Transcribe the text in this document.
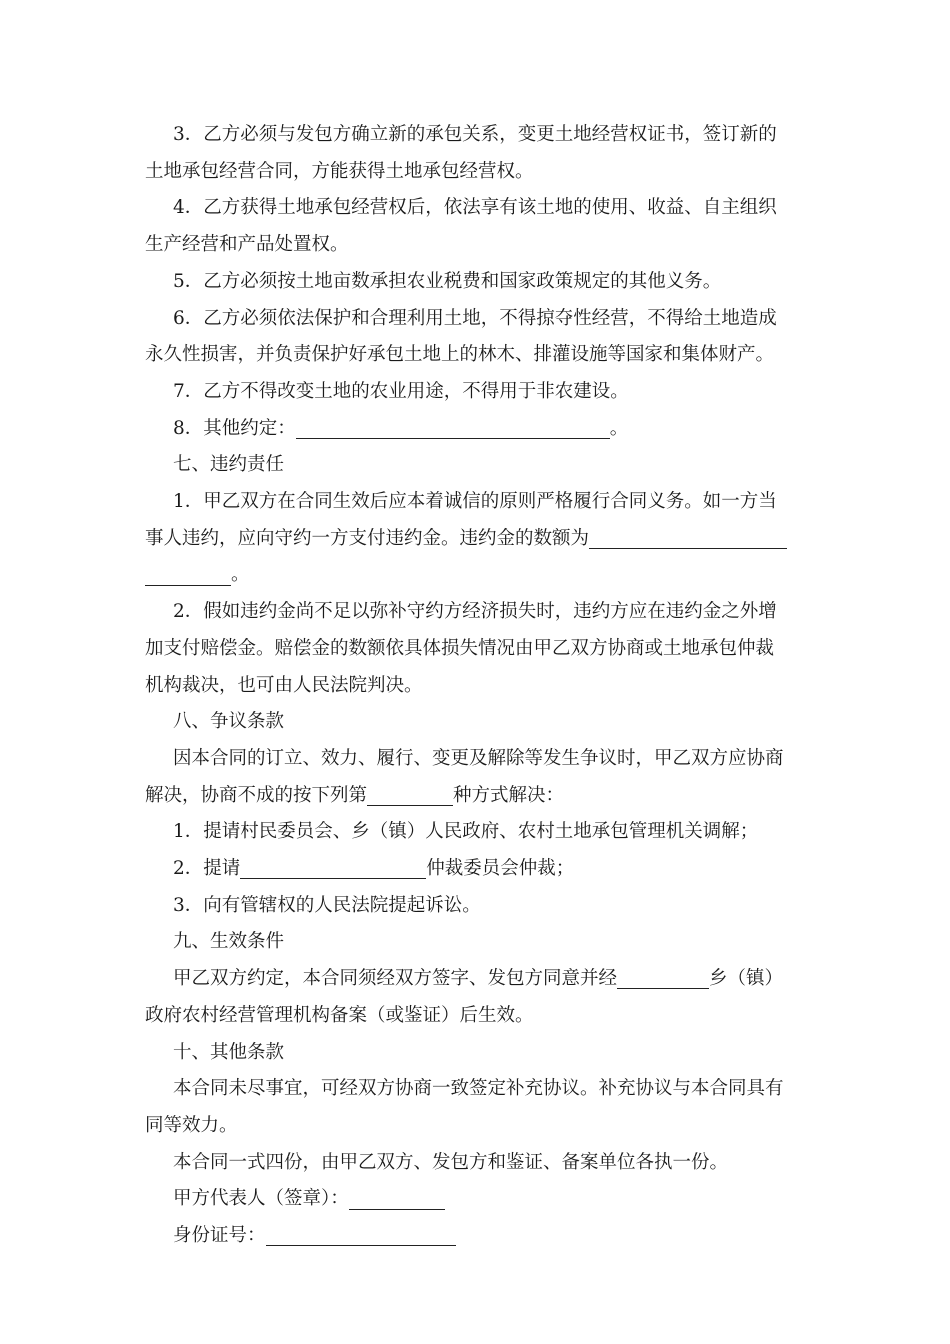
3．乙方必须与发包方确立新的承包关系，变更土地经营权证书，签订新的

土地承包经营合同，方能获得土地承包经营权。

4．乙方获得土地承包经营权后，依法享有该土地的使用、收益、自主组织

生产经营和产品处置权。

5．乙方必须按土地亩数承担农业税费和国家政策规定的其他义务。

6．乙方必须依法保护和合理利用土地，不得掠夺性经营，不得给土地造成

永久性损害，并负责保护好承包土地上的林木、排灌设施等国家和集体财产。

7．乙方不得改变土地的农业用途，不得用于非农建设。

8．其他约定：	。

七、违约责任

1．甲乙双方在合同生效后应本着诚信的原则严格履行合同义务。如一方当

事人违约，应向守约一方支付违约金。违约金的数额为

。

2．假如违约金尚不足以弥补守约方经济损失时，违约方应在违约金之外增

加支付赔偿金。赔偿金的数额依具体损失情况由甲乙双方协商或土地承包仲裁

机构裁决，也可由人民法院判决。

八、争议条款

因本合同的订立、效力、履行、变更及解除等发生争议时，甲乙双方应协商

解决，协商不成的按下列第	种方式解决：

1．提请村民委员会、乡（镇）人民政府、农村土地承包管理机关调解；

2．提请	仲裁委员会仲裁；

3．向有管辖权的人民法院提起诉讼。

九、生效条件

甲乙双方约定，本合同须经双方签字、发包方同意并经	乡（镇）

政府农村经营管理机构备案（或鉴证）后生效。

十、其他条款

本合同未尽事宜，可经双方协商一致签定补充协议。补充协议与本合同具有

同等效力。

本合同一式四份，由甲乙双方、发包方和鉴证、备案单位各执一份。

甲方代表人（签章）：

身份证号：
